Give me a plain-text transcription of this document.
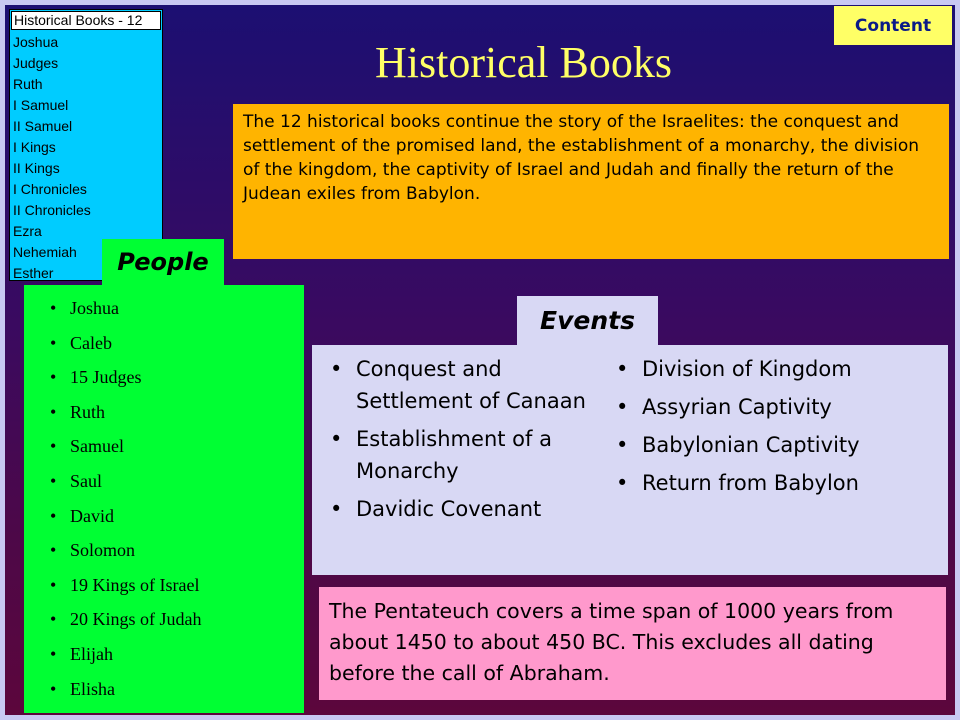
Historical Books - 12
Joshua
Judges
Ruth
I Samuel
II Samuel
I Kings
II Kings
I Chronicles
II Chronicles
Ezra
Nehemiah
Esther
Content
Historical Books
The 12 historical books continue the story of the Israelites: the conquest and settlement of the promised land, the establishment of a monarchy, the division of the kingdom, the captivity of Israel and Judah and finally the return of the Judean exiles from Babylon.
People
• Joshua
• Caleb
• 15 Judges
• Ruth
• Samuel
• Saul
• David
• Solomon
• 19 Kings of Israel
• 20 Kings of Judah
• Elijah
• Elisha
Events
• Conquest and Settlement of Canaan
• Establishment of a Monarchy
• Davidic Covenant
• Division of Kingdom
• Assyrian Captivity
• Babylonian Captivity
• Return from Babylon
The Pentateuch covers a time span of 1000 years from about 1450 to about 450 BC. This excludes all dating before the call of Abraham.
